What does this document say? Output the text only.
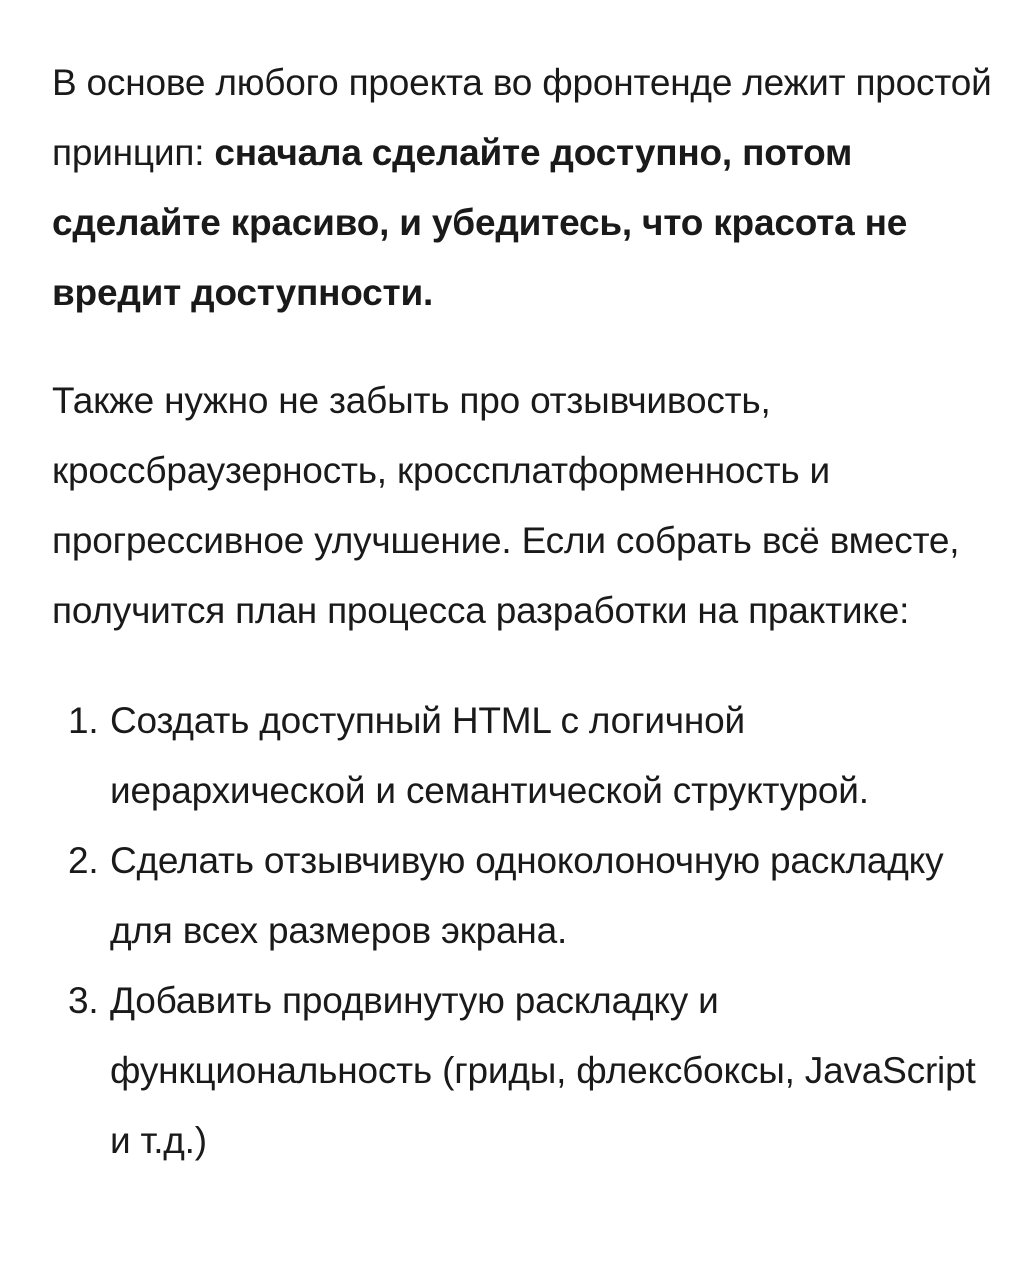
В основе любого проекта во фронтенде лежит простой принцип: сначала сделайте доступно, потом сделайте красиво, и убедитесь, что красота не вредит доступности.

Также нужно не забыть про отзывчивость, кроссбраузерность, кроссплатформенность и прогрессивное улучшение. Если собрать всё вместе, получится план процесса разработки на практике:

1. Создать доступный HTML с логичной иерархической и семантической структурой.
2. Сделать отзывчивую одноколоночную раскладку для всех размеров экрана.
3. Добавить продвинутую раскладку и функциональность (гриды, флексбоксы, JavaScript и т.д.)
